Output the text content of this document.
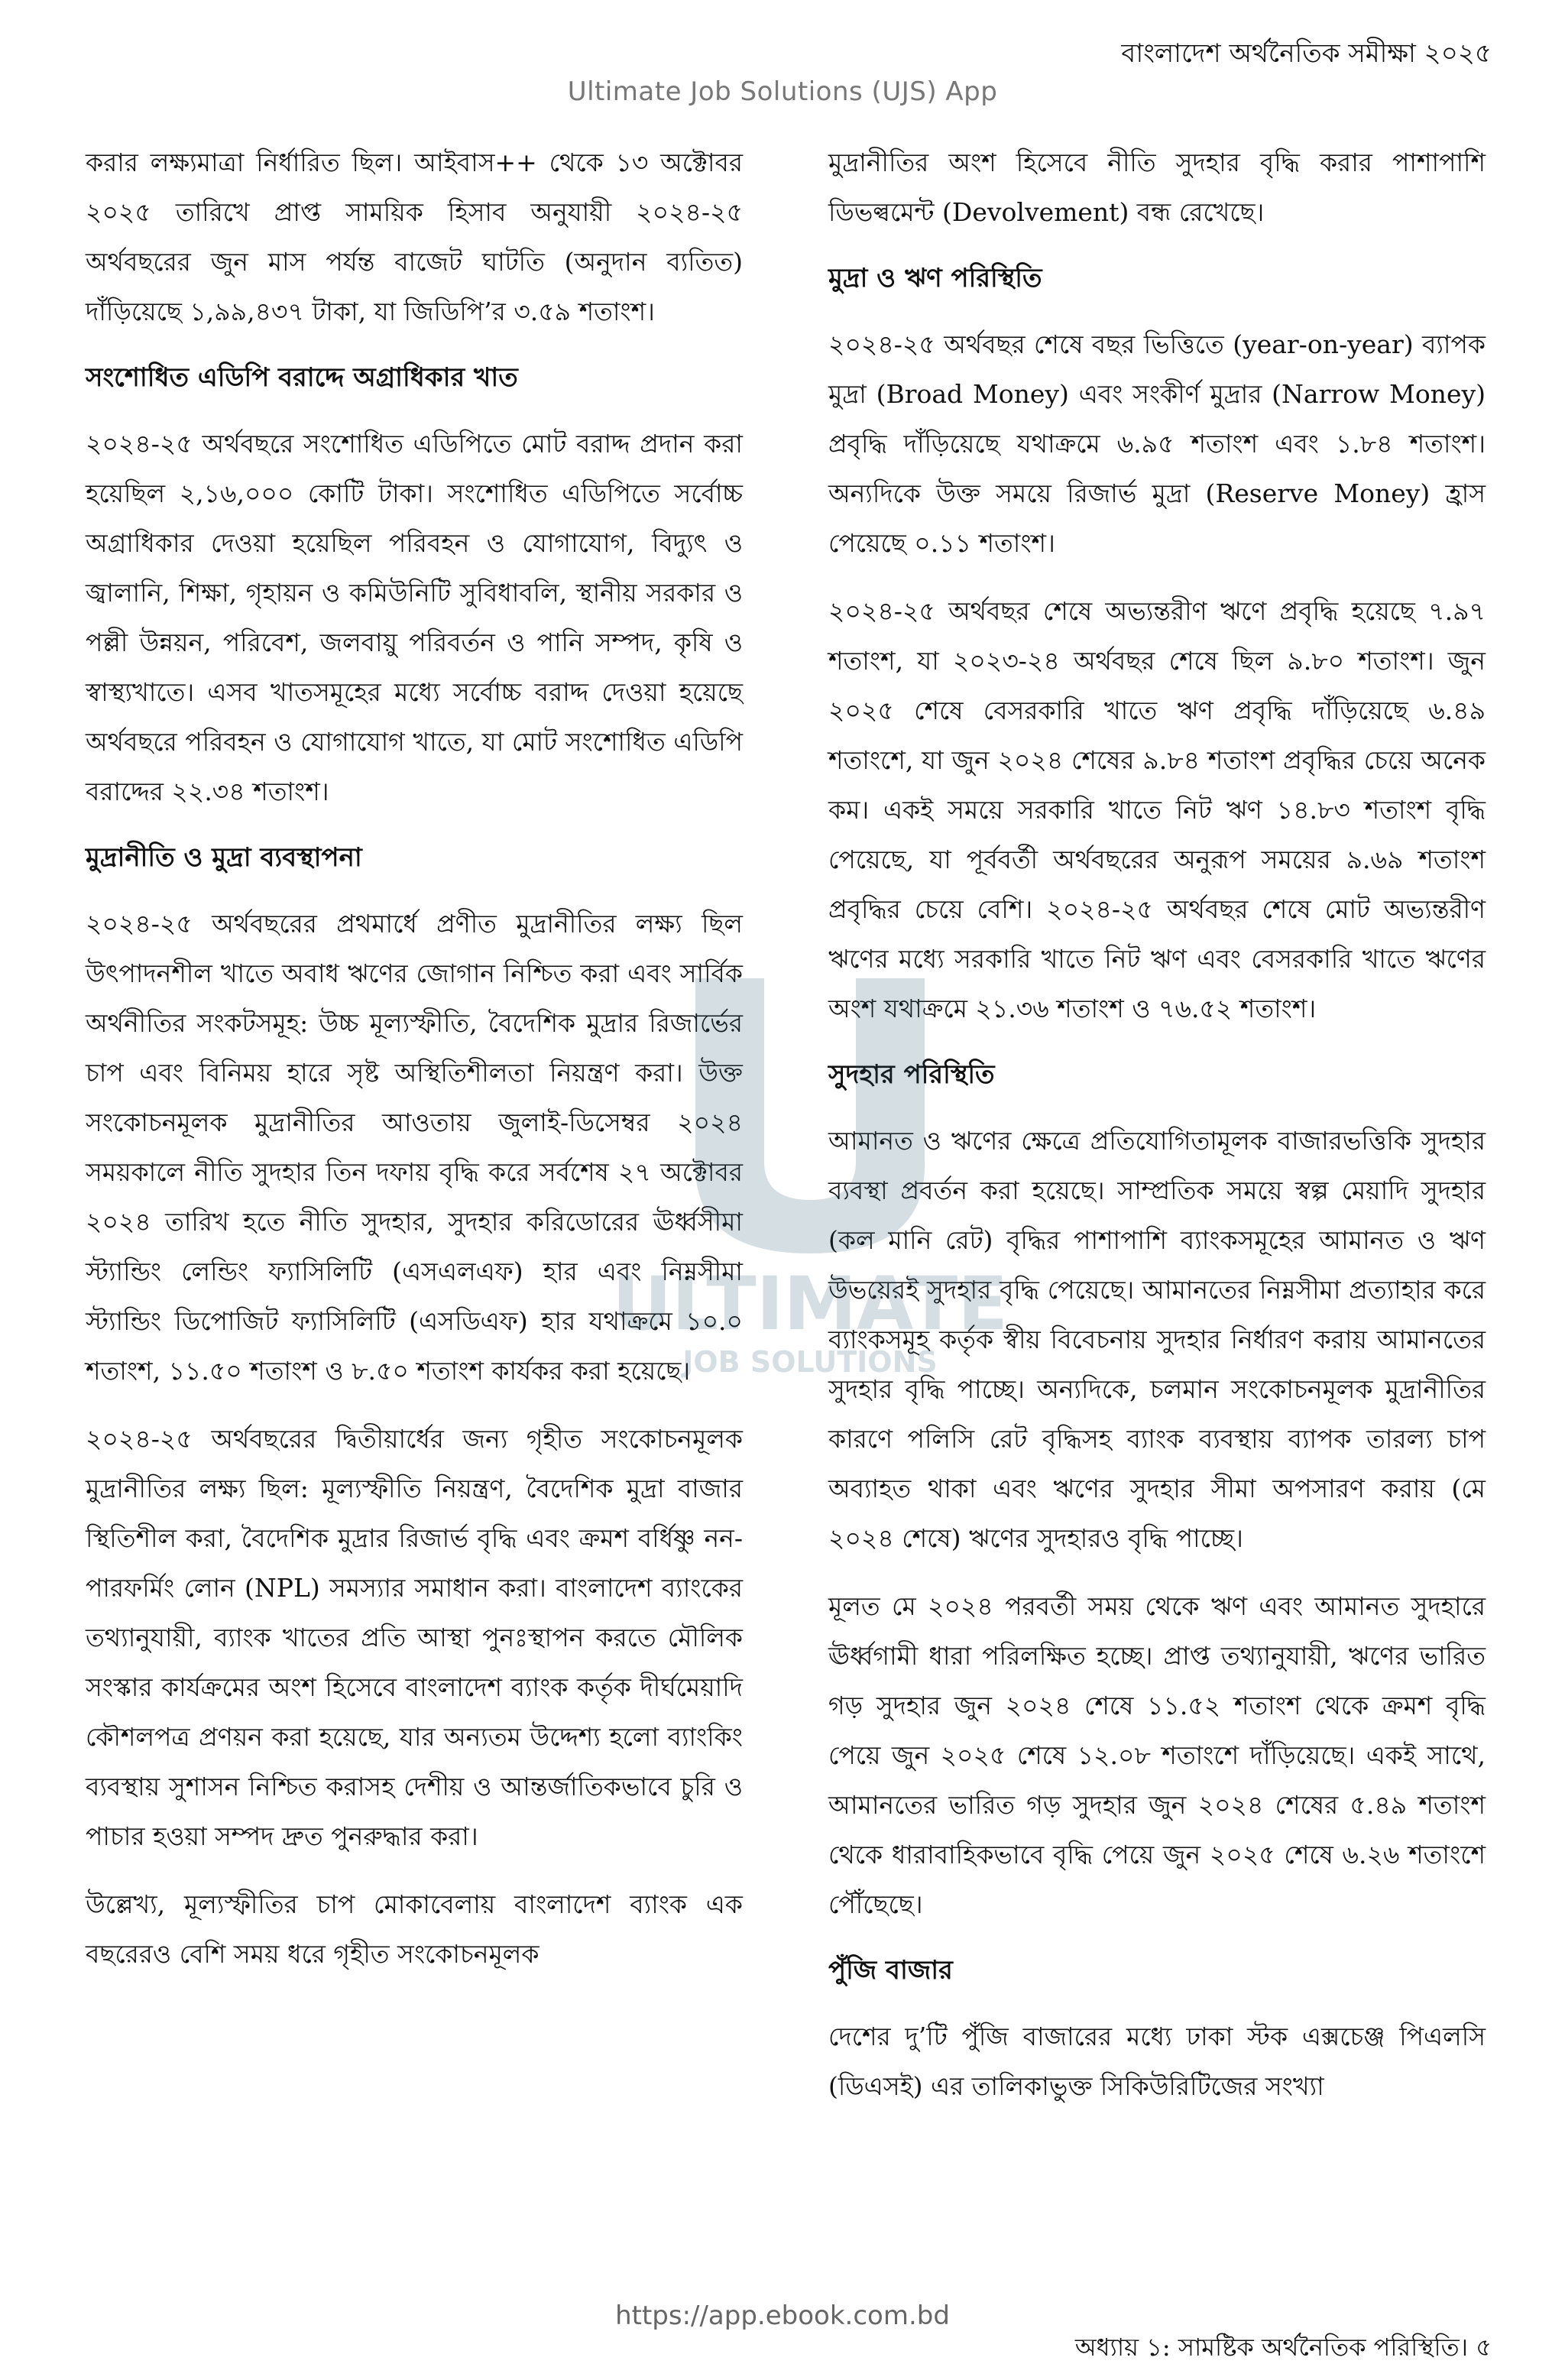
বাংলাদেশ অর্থনৈতিক সমীক্ষা ২০২৫
Ultimate Job Solutions (UJS) App

করার লক্ষ্যমাত্রা নির্ধারিত ছিল। আইবাস++ থেকে ১৩ অক্টোবর ২০২৫ তারিখে প্রাপ্ত সাময়িক হিসাব অনুযায়ী ২০২৪-২৫ অর্থবছরের জুন মাস পর্যন্ত বাজেট ঘাটতি (অনুদান ব্যতিত) দাঁড়িয়েছে ১,৯৯,৪৩৭ টাকা, যা জিডিপি’র ৩.৫৯ শতাংশ।

সংশোধিত এডিপি বরাদ্দে অগ্রাধিকার খাত

২০২৪-২৫ অর্থবছরে সংশোধিত এডিপিতে মোট বরাদ্দ প্রদান করা হয়েছিল ২,১৬,০০০ কোটি টাকা। সংশোধিত এডিপিতে সর্বোচ্চ অগ্রাধিকার দেওয়া হয়েছিল পরিবহন ও যোগাযোগ, বিদ্যুৎ ও জ্বালানি, শিক্ষা, গৃহায়ন ও কমিউনিটি সুবিধাবলি, স্থানীয় সরকার ও পল্লী উন্নয়ন, পরিবেশ, জলবায়ু পরিবর্তন ও পানি সম্পদ, কৃষি ও স্বাস্থ্যখাতে। এসব খাতসমূহের মধ্যে সর্বোচ্চ বরাদ্দ দেওয়া হয়েছে অর্থবছরে পরিবহন ও যোগাযোগ খাতে, যা মোট সংশোধিত এডিপি বরাদ্দের ২২.৩৪ শতাংশ।

মুদ্রানীতি ও মুদ্রা ব্যবস্থাপনা

২০২৪-২৫ অর্থবছরের প্রথমার্ধে প্রণীত মুদ্রানীতির লক্ষ্য ছিল উৎপাদনশীল খাতে অবাধ ঋণের জোগান নিশ্চিত করা এবং সার্বিক অর্থনীতির সংকটসমূহ: উচ্চ মূল্যস্ফীতি, বৈদেশিক মুদ্রার রিজার্ভের চাপ এবং বিনিময় হারে সৃষ্ট অস্থিতিশীলতা নিয়ন্ত্রণ করা। উক্ত সংকোচনমূলক মুদ্রানীতির আওতায় জুলাই-ডিসেম্বর ২০২৪ সময়কালে নীতি সুদহার তিন দফায় বৃদ্ধি করে সর্বশেষ ২৭ অক্টোবর ২০২৪ তারিখ হতে নীতি সুদহার, সুদহার করিডোরের ঊর্ধ্বসীমা স্ট্যান্ডিং লেন্ডিং ফ্যাসিলিটি (এসএলএফ) হার এবং নিম্নসীমা স্ট্যান্ডিং ডিপোজিট ফ্যাসিলিটি (এসডিএফ) হার যথাক্রমে ১০.০ শতাংশ, ১১.৫০ শতাংশ ও ৮.৫০ শতাংশ কার্যকর করা হয়েছে।

২০২৪-২৫ অর্থবছরের দ্বিতীয়ার্ধের জন্য গৃহীত সংকোচনমূলক মুদ্রানীতির লক্ষ্য ছিল: মূল্যস্ফীতি নিয়ন্ত্রণ, বৈদেশিক মুদ্রা বাজার স্থিতিশীল করা, বৈদেশিক মুদ্রার রিজার্ভ বৃদ্ধি এবং ক্রমশ বর্ধিষ্ণু নন-পারফর্মিং লোন (NPL) সমস্যার সমাধান করা। বাংলাদেশ ব্যাংকের তথ্যানুযায়ী, ব্যাংক খাতের প্রতি আস্থা পুনঃস্থাপন করতে মৌলিক সংস্কার কার্যক্রমের অংশ হিসেবে বাংলাদেশ ব্যাংক কর্তৃক দীর্ঘমেয়াদি কৌশলপত্র প্রণয়ন করা হয়েছে, যার অন্যতম উদ্দেশ্য হলো ব্যাংকিং ব্যবস্থায় সুশাসন নিশ্চিত করাসহ দেশীয় ও আন্তর্জাতিকভাবে চুরি ও পাচার হওয়া সম্পদ দ্রুত পুনরুদ্ধার করা।

উল্লেখ্য, মূল্যস্ফীতির চাপ মোকাবেলায় বাংলাদেশ ব্যাংক এক বছরেরও বেশি সময় ধরে গৃহীত সংকোচনমূলক

মুদ্রানীতির অংশ হিসেবে নীতি সুদহার বৃদ্ধি করার পাশাপাশি ডিভল্বমেন্ট (Devolvement) বন্ধ রেখেছে।

মুদ্রা ও ঋণ পরিস্থিতি

২০২৪-২৫ অর্থবছর শেষে বছর ভিত্তিতে (year-on-year) ব্যাপক মুদ্রা (Broad Money) এবং সংকীর্ণ মুদ্রার (Narrow Money) প্রবৃদ্ধি দাঁড়িয়েছে যথাক্রমে ৬.৯৫ শতাংশ এবং ১.৮৪ শতাংশ। অন্যদিকে উক্ত সময়ে রিজার্ভ মুদ্রা (Reserve Money) হ্রাস পেয়েছে ০.১১ শতাংশ।

২০২৪-২৫ অর্থবছর শেষে অভ্যন্তরীণ ঋণে প্রবৃদ্ধি হয়েছে ৭.৯৭ শতাংশ, যা ২০২৩-২৪ অর্থবছর শেষে ছিল ৯.৮০ শতাংশ। জুন ২০২৫ শেষে বেসরকারি খাতে ঋণ প্রবৃদ্ধি দাঁড়িয়েছে ৬.৪৯ শতাংশে, যা জুন ২০২৪ শেষের ৯.৮৪ শতাংশ প্রবৃদ্ধির চেয়ে অনেক কম। একই সময়ে সরকারি খাতে নিট ঋণ ১৪.৮৩ শতাংশ বৃদ্ধি পেয়েছে, যা পূর্ববর্তী অর্থবছরের অনুরূপ সময়ের ৯.৬৯ শতাংশ প্রবৃদ্ধির চেয়ে বেশি। ২০২৪-২৫ অর্থবছর শেষে মোট অভ্যন্তরীণ ঋণের মধ্যে সরকারি খাতে নিট ঋণ এবং বেসরকারি খাতে ঋণের অংশ যথাক্রমে ২১.৩৬ শতাংশ ও ৭৬.৫২ শতাংশ।

সুদহার পরিস্থিতি

আমানত ও ঋণের ক্ষেত্রে প্রতিযোগিতামূলক বাজারভত্তিকি সুদহার ব্যবস্থা প্রবর্তন করা হয়েছে। সাম্প্রতিক সময়ে স্বল্প মেয়াদি সুদহার (কল মানি রেট) বৃদ্ধির পাশাপাশি ব্যাংকসমূহের আমানত ও ঋণ উভয়েরই সুদহার বৃদ্ধি পেয়েছে। আমানতের নিম্নসীমা প্রত্যাহার করে ব্যাংকসমূহ কর্তৃক স্বীয় বিবেচনায় সুদহার নির্ধারণ করায় আমানতের সুদহার বৃদ্ধি পাচ্ছে। অন্যদিকে, চলমান সংকোচনমূলক মুদ্রানীতির কারণে পলিসি রেট বৃদ্ধিসহ ব্যাংক ব্যবস্থায় ব্যাপক তারল্য চাপ অব্যাহত থাকা এবং ঋণের সুদহার সীমা অপসারণ করায় (মে ২০২৪ শেষে) ঋণের সুদহারও বৃদ্ধি পাচ্ছে।

মূলত মে ২০২৪ পরবর্তী সময় থেকে ঋণ এবং আমানত সুদহারে ঊর্ধ্বগামী ধারা পরিলক্ষিত হচ্ছে। প্রাপ্ত তথ্যানুযায়ী, ঋণের ভারিত গড় সুদহার জুন ২০২৪ শেষে ১১.৫২ শতাংশ থেকে ক্রমশ বৃদ্ধি পেয়ে জুন ২০২৫ শেষে ১২.০৮ শতাংশে দাঁড়িয়েছে। একই সাথে, আমানতের ভারিত গড় সুদহার জুন ২০২৪ শেষের ৫.৪৯ শতাংশ থেকে ধারাবাহিকভাবে বৃদ্ধি পেয়ে জুন ২০২৫ শেষে ৬.২৬ শতাংশে পৌঁছেছে।

পুঁজি বাজার

দেশের দু’টি পুঁজি বাজারের মধ্যে ঢাকা স্টক এক্সচেঞ্জ পিএলসি (ডিএসই) এর তালিকাভুক্ত সিকিউরিটিজের সংখ্যা

ULTIMATE
JOB SOLUTIONS
https://app.ebook.com.bd
অধ্যায় ১: সামষ্টিক অর্থনৈতিক পরিস্থিতি। ৫
